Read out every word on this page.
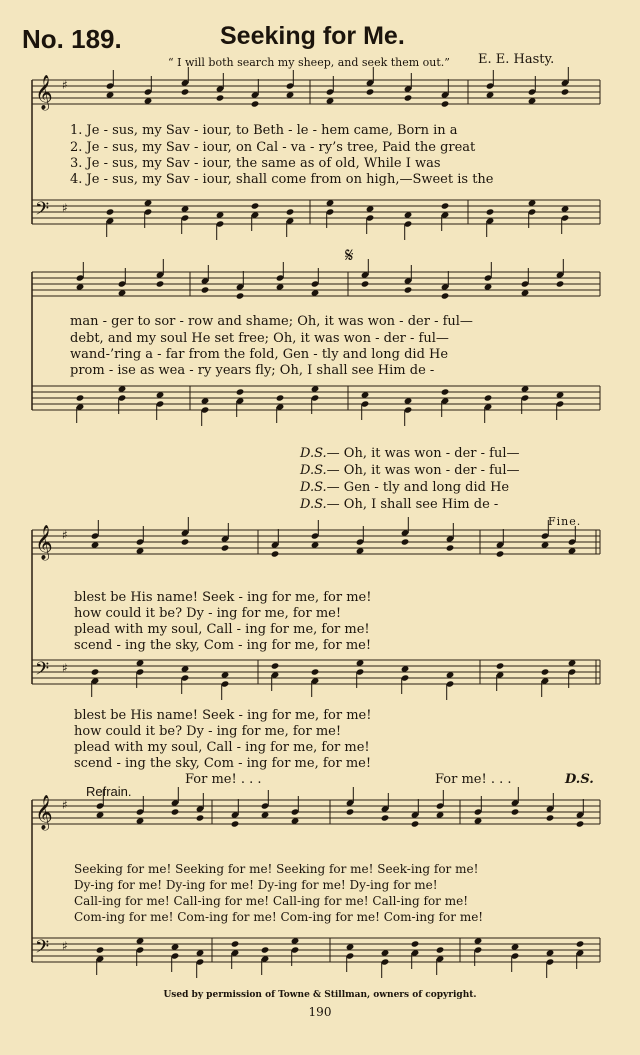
𝄞
𝄢
♯
♯
𝄋
𝄞
𝄢
♯
♯
𝄞
𝄢
♯
♯
No. 189.	Seeking for Me.
“ I will both search my sheep, and seek them out.” E. E. Hasty.
1. Je - sus, my Sav - iour, to Beth - le - hem came, Born in a
2. Je - sus, my Sav - iour, on Cal - va - ry’s tree, Paid the great
3. Je - sus, my Sav - iour, the same as of old, While I was
4. Je - sus, my Sav - iour, shall come from on high,—Sweet is the
man - ger to sor - row and shame; Oh, it was won - der - ful—
debt, and my soul He set free; Oh, it was won - der - ful—
wand-’ring a - far from the fold, Gen - tly and long did He
prom - ise as wea - ry years fly; Oh, I shall see Him de -
D.S.— Oh, it was won - der - ful—
D.S.— Oh, it was won - der - ful—
D.S.— Gen - tly and long did He
D.S.— Oh, I shall see Him de -
Fine.
blest be His name! Seek - ing for me, for me!
how could it be? Dy - ing for me, for me!
plead with my soul, Call - ing for me, for me!
scend - ing the sky, Com - ing for me, for me!
blest be His name! Seek - ing for me, for me!
how could it be? Dy - ing for me, for me!
plead with my soul, Call - ing for me, for me!
scend - ing the sky, Com - ing for me, for me!
For me! . . .	For me! . . .	D.S.
Refrain.
Seeking for me! Seeking for me! Seeking for me! Seek-ing for me!
Dy-ing for me! Dy-ing for me! Dy-ing for me! Dy-ing for me!
Call-ing for me! Call-ing for me! Call-ing for me! Call-ing for me!
Com-ing for me! Com-ing for me! Com-ing for me! Com-ing for me!
Used by permission of Towne & Stillman, owners of copyright.
190
